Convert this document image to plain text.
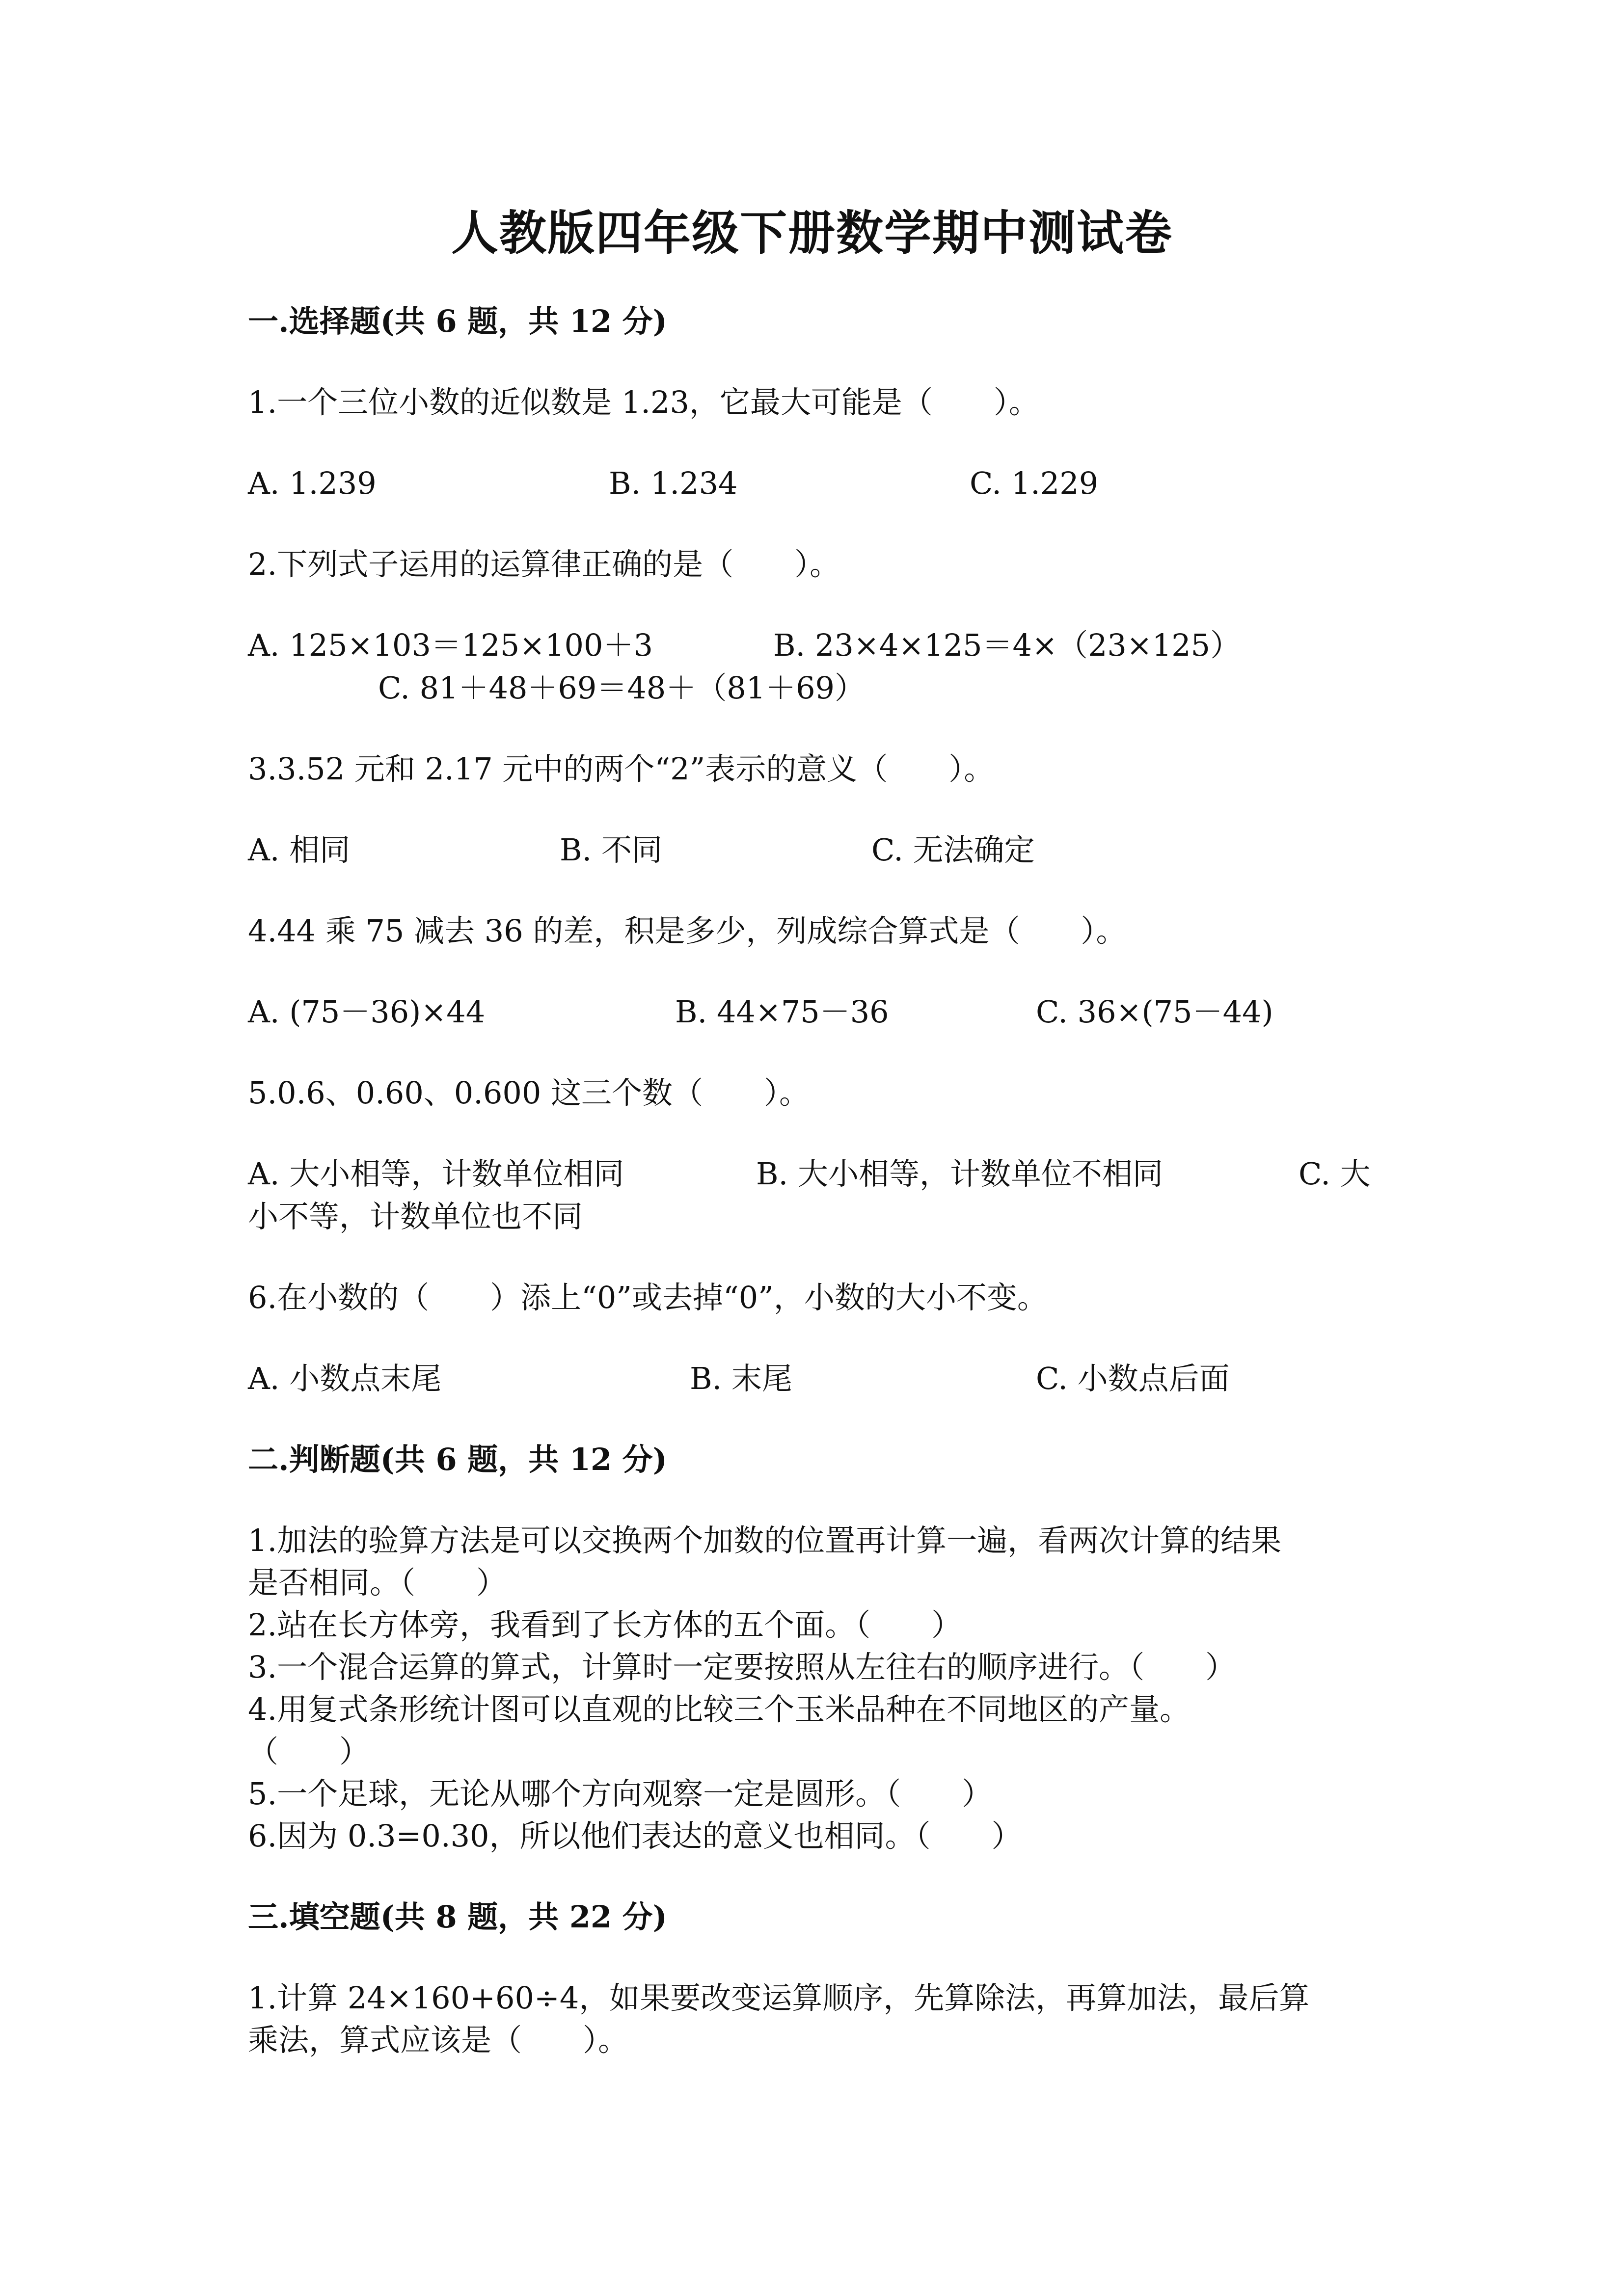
人教版四年级下册数学期中测试卷
一.选择题(共 6 题，共 12 分)
1.一个三位小数的近似数是 1.23，它最大可能是（　　）。
A. 1.239	B. 1.234	C. 1.229
2.下列式子运用的运算律正确的是（　　）。
A. 125×103＝125×100＋3	B. 23×4×125＝4×（23×125）
C. 81＋48＋69＝48＋（81＋69）
3.3.52 元和 2.17 元中的两个“2”表示的意义（　　）。
A. 相同	B. 不同	C. 无法确定
4.44 乘 75 减去 36 的差，积是多少，列成综合算式是（　　）。
A. (75－36)×44	B. 44×75－36	C. 36×(75－44)
5.0.6、0.60、0.600 这三个数（　　）。
A. 大小相等，计数单位相同	B. 大小相等，计数单位不相同	C. 大
小不等，计数单位也不同
6.在小数的（　　）添上“0”或去掉“0”，小数的大小不变。
A. 小数点末尾	B. 末尾	C. 小数点后面
二.判断题(共 6 题，共 12 分)
1.加法的验算方法是可以交换两个加数的位置再计算一遍，看两次计算的结果
是否相同。（　　）
2.站在长方体旁，我看到了长方体的五个面。（　　）
3.一个混合运算的算式，计算时一定要按照从左往右的顺序进行。（　　）
4.用复式条形统计图可以直观的比较三个玉米品种在不同地区的产量。
（　　）
5.一个足球，无论从哪个方向观察一定是圆形。（　　）
6.因为 0.3=0.30，所以他们表达的意义也相同。（　　）
三.填空题(共 8 题，共 22 分)
1.计算 24×160+60÷4，如果要改变运算顺序，先算除法，再算加法，最后算
乘法，算式应该是（　　）。
